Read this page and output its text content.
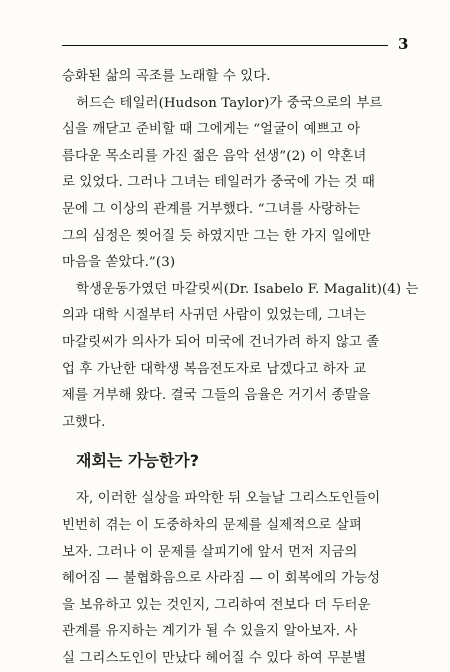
3
승화된 삶의 곡조를 노래할 수 있다.
허드슨 테일러(Hudson Taylor)가 중국으로의 부르
심을 깨닫고 준비할 때 그에게는 “얼굴이 예쁘고 아
름다운 목소리를 가진 젊은 음악 선생”(2) 이 약혼녀
로 있었다. 그러나 그녀는 테일러가 중국에 가는 것 때
문에 그 이상의 관계를 거부했다. “그녀를 사랑하는
그의 심정은 찢어질 듯 하였지만 그는 한 가지 일에만
마음을 쏟았다.”(3)
학생운동가였던 마갈릿씨(Dr. Isabelo F. Magalit)(4) 는
의과 대학 시절부터 사귀던 사람이 있었는데, 그녀는
마갈릿씨가 의사가 되어 미국에 건너가려 하지 않고 졸
업 후 가난한 대학생 복음전도자로 남겠다고 하자 교
제를 거부해 왔다. 결국 그들의 음율은 거기서 종말을
고했다.
재회는 가능한가?
자, 이러한 실상을 파악한 뒤 오늘날 그리스도인들이
빈번히 겪는 이 도중하차의 문제를 실제적으로 살펴
보자. 그러나 이 문제를 살피기에 앞서 먼저 지금의
헤어짐 — 불협화음으로 사라짐 — 이 회복에의 가능성
을 보유하고 있는 것인지, 그리하여 전보다 더 두터운
관계를 유지하는 계기가 될 수 있을지 알아보자. 사
실 그리스도인이 만났다 헤어질 수 있다 하여 무분별
